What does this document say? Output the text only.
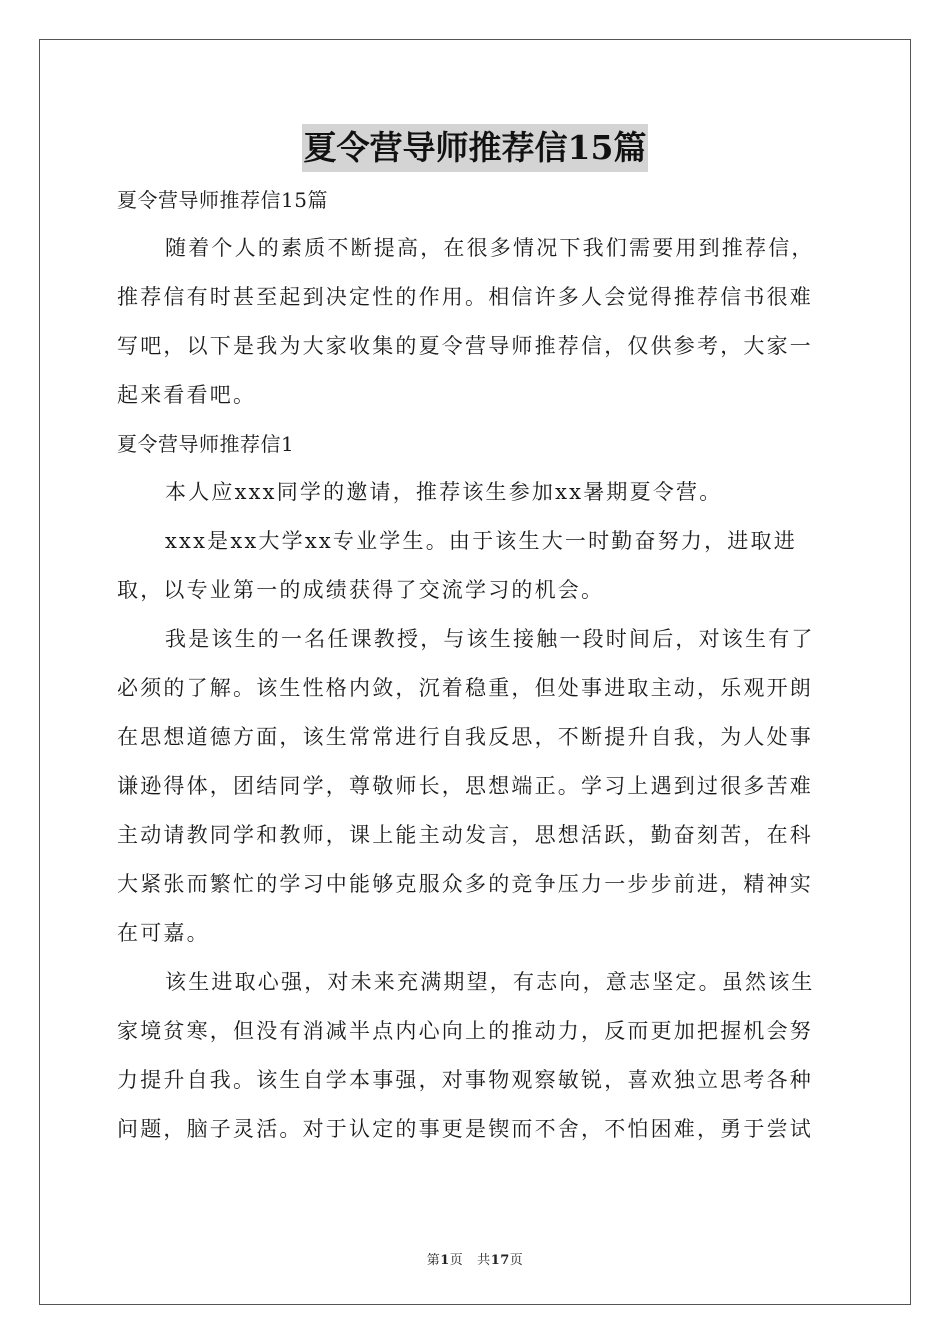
夏令营导师推荐信15篇
夏令营导师推荐信15篇
随着个人的素质不断提高，在很多情况下我们需要用到推荐信，
推荐信有时甚至起到决定性的作用。相信许多人会觉得推荐信书很难
写吧，以下是我为大家收集的夏令营导师推荐信，仅供参考，大家一
起来看看吧。
夏令营导师推荐信1
本人应xxx同学的邀请，推荐该生参加xx暑期夏令营。
xxx是xx大学xx专业学生。由于该生大一时勤奋努力，进取进
取，以专业第一的成绩获得了交流学习的机会。
我是该生的一名任课教授，与该生接触一段时间后，对该生有了
必须的了解。该生性格内敛，沉着稳重，但处事进取主动，乐观开朗
在思想道德方面，该生常常进行自我反思，不断提升自我，为人处事
谦逊得体，团结同学，尊敬师长，思想端正。学习上遇到过很多苦难
主动请教同学和教师，课上能主动发言，思想活跃，勤奋刻苦，在科
大紧张而繁忙的学习中能够克服众多的竞争压力一步步前进，精神实
在可嘉。
该生进取心强，对未来充满期望，有志向，意志坚定。虽然该生
家境贫寒，但没有消减半点内心向上的推动力，反而更加把握机会努
力提升自我。该生自学本事强，对事物观察敏锐，喜欢独立思考各种
问题，脑子灵活。对于认定的事更是锲而不舍，不怕困难，勇于尝试
第1页 共17页
